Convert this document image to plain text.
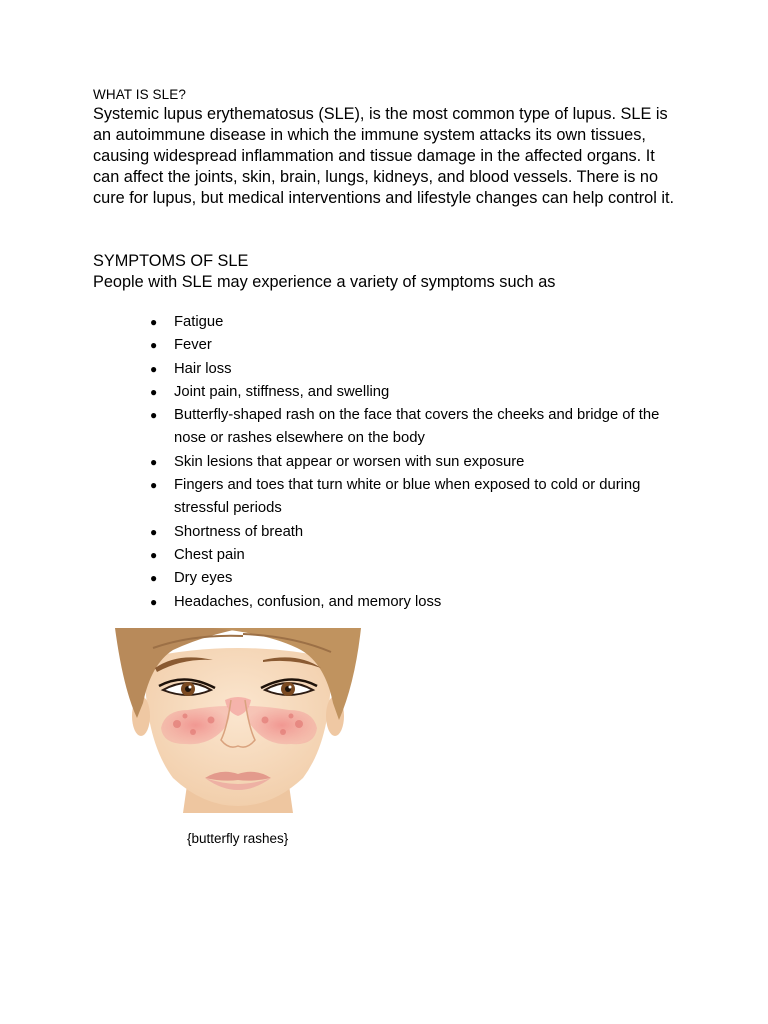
WHAT IS SLE?

Systemic lupus erythematosus (SLE), is the most common type of lupus. SLE is an autoimmune disease in which the immune system attacks its own tissues, causing widespread inflammation and tissue damage in the affected organs. It can affect the joints, skin, brain, lungs, kidneys, and blood vessels. There is no cure for lupus, but medical interventions and lifestyle changes can help control it.

SYMPTOMS OF SLE
People with SLE may experience a variety of symptoms such as
● Fatigue
● Fever
● Hair loss
● Joint pain, stiffness, and swelling
● Butterfly-shaped rash on the face that covers the cheeks and bridge of the nose or rashes elsewhere on the body
● Skin lesions that appear or worsen with sun exposure
● Fingers and toes that turn white or blue when exposed to cold or during stressful periods
● Shortness of breath
● Chest pain
● Dry eyes
● Headaches, confusion, and memory loss
{butterfly rashes}
